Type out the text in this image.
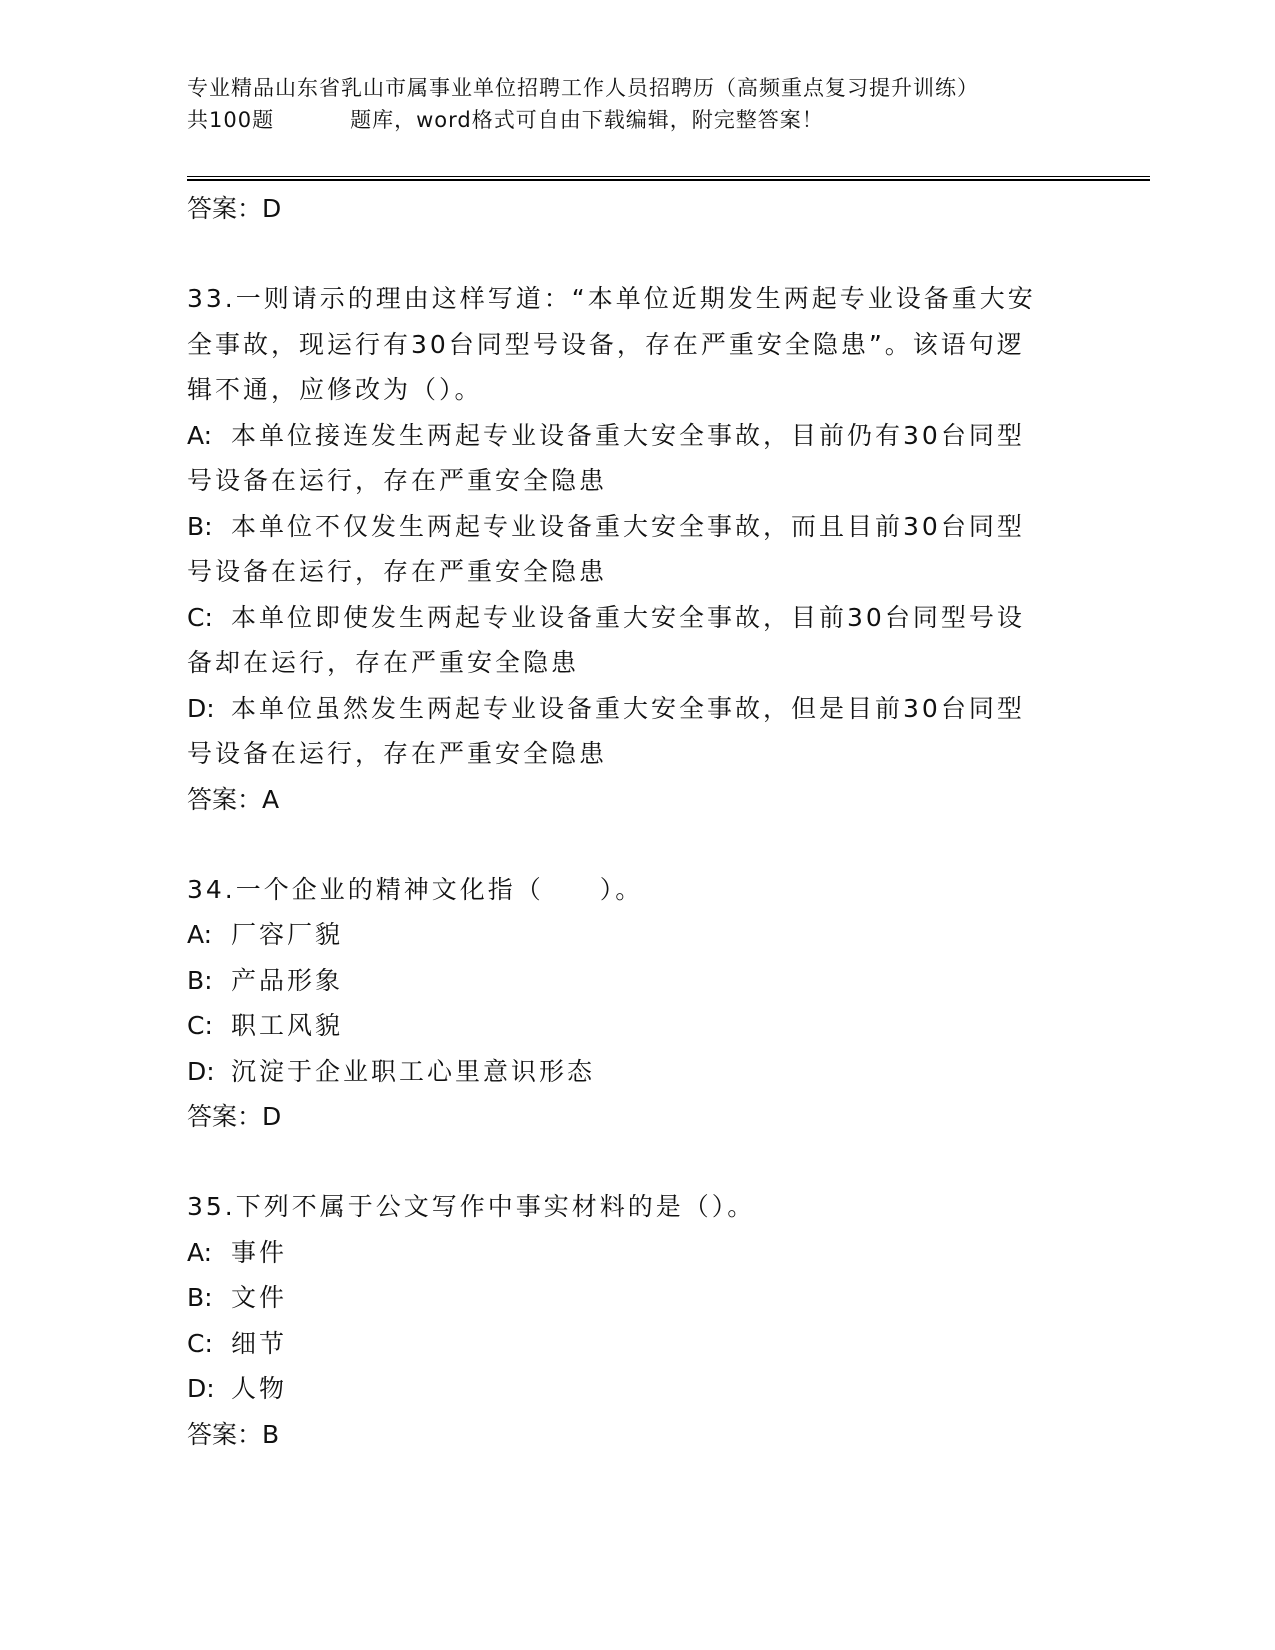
专业精品山东省乳山市属事业单位招聘工作人员招聘历（高频重点复习提升训练）
共100题	题库，word格式可自由下载编辑，附完整答案！

答案：D

33.一则请示的理由这样写道：“本单位近期发生两起专业设备重大安

全事故，现运行有30台同型号设备，存在严重安全隐患”。该语句逻

辑不通，应修改为（）。

A: 本单位接连发生两起专业设备重大安全事故，目前仍有30台同型

号设备在运行，存在严重安全隐患

B: 本单位不仅发生两起专业设备重大安全事故，而且目前30台同型

号设备在运行，存在严重安全隐患

C: 本单位即使发生两起专业设备重大安全事故，目前30台同型号设

备却在运行，存在严重安全隐患

D: 本单位虽然发生两起专业设备重大安全事故，但是目前30台同型

号设备在运行，存在严重安全隐患

答案：A

34.一个企业的精神文化指（　　）。

A: 厂容厂貌

B: 产品形象

C: 职工风貌

D: 沉淀于企业职工心里意识形态

答案：D

35.下列不属于公文写作中事实材料的是（）。

A: 事件

B: 文件

C: 细节

D: 人物

答案：B
